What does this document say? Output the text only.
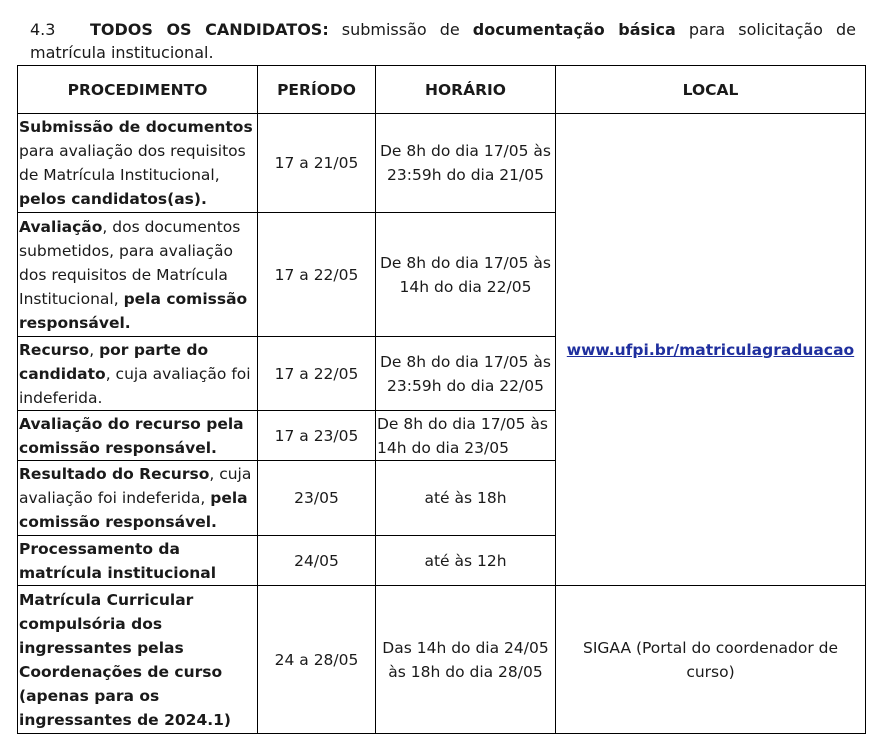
4.3 TODOS OS CANDIDATOS: submissão de documentação básica para solicitação de matrícula institucional.
PROCEDIMENTO	PERÍODO	HORÁRIO	LOCAL
Submissão de documentos para avaliação dos requisitos de Matrícula Institucional, pelos candidatos(as).	17 a 21/05	De 8h do dia 17/05 às 23:59h do dia 21/05	www.ufpi.br/matriculagraduacao
Avaliação, dos documentos submetidos, para avaliação dos requisitos de Matrícula Institucional, pela comissão responsável.	17 a 22/05	De 8h do dia 17/05 às 14h do dia 22/05	
Recurso, por parte do candidato, cuja avaliação foi indeferida.	17 a 22/05	De 8h do dia 17/05 às 23:59h do dia 22/05	
Avaliação do recurso pela comissão responsável.	17 a 23/05	De 8h do dia 17/05 às 14h do dia 23/05	
Resultado do Recurso, cuja avaliação foi indeferida, pela comissão responsável.	23/05	até às 18h	
Processamento da matrícula institucional	24/05	até às 12h	
Matrícula Curricular compulsória dos ingressantes pelas Coordenações de curso (apenas para os ingressantes de 2024.1)	24 a 28/05	Das 14h do dia 24/05 às 18h do dia 28/05	SIGAA (Portal do coordenador de curso)
